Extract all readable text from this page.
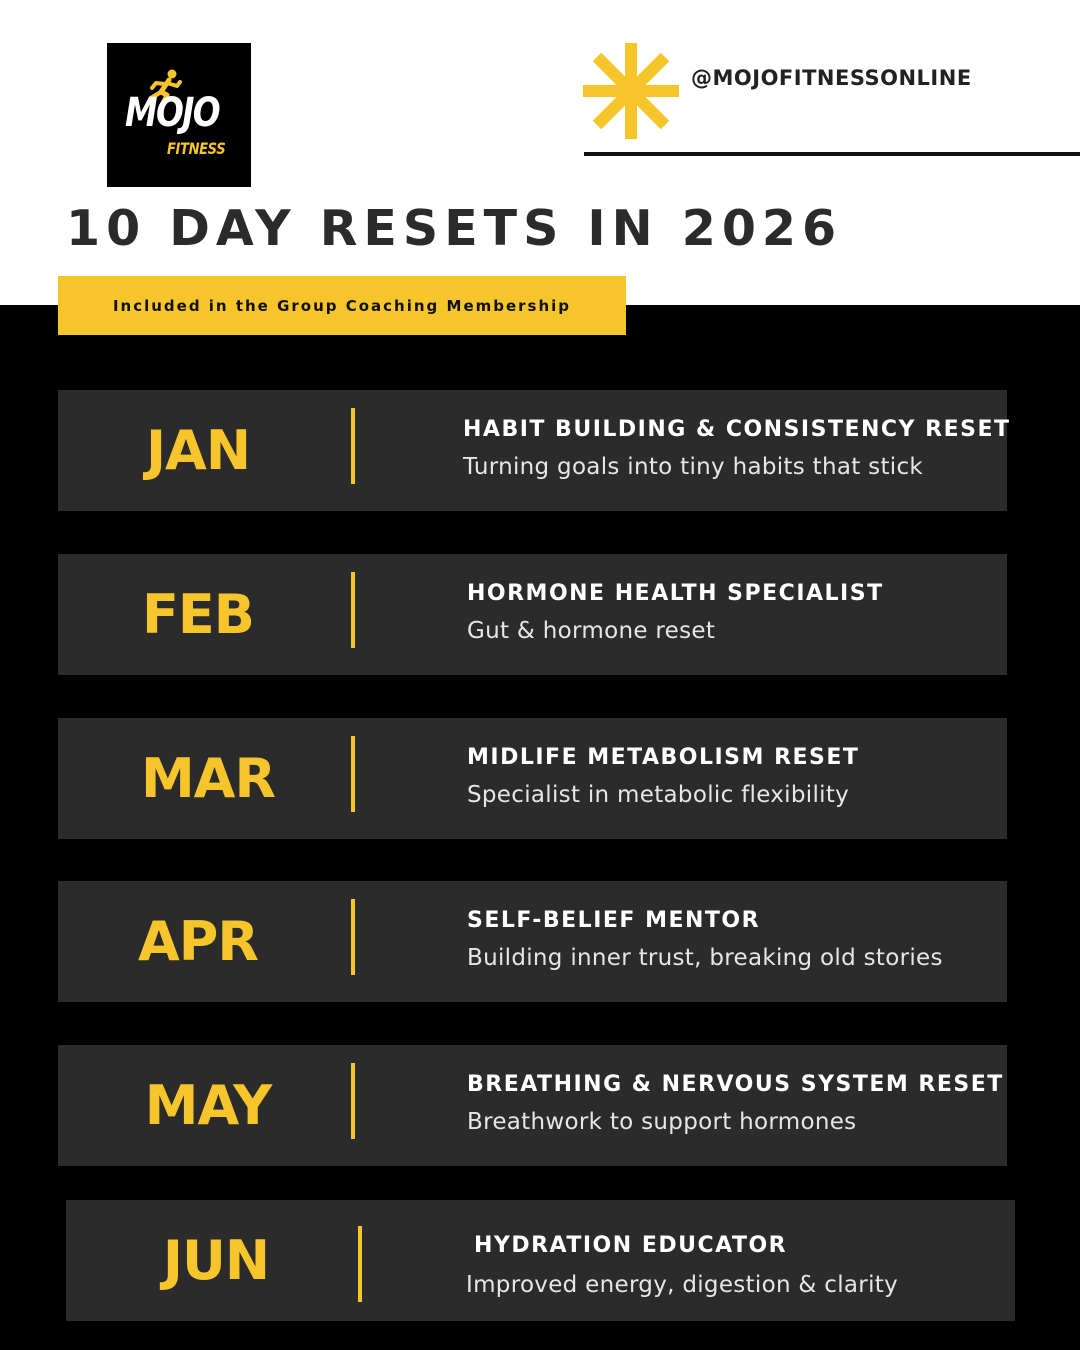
MOJO
FITNESS
@MOJOFITNESSONLINE
10 DAY RESETS IN 2026
Included in the Group Coaching Membership
JAN	HABIT BUILDING & CONSISTENCY RESET
Turning goals into tiny habits that stick
FEB	HORMONE HEALTH SPECIALIST
Gut & hormone reset
MAR	MIDLIFE METABOLISM RESET
Specialist in metabolic flexibility
APR	SELF-BELIEF MENTOR
Building inner trust, breaking old stories
MAY	BREATHING & NERVOUS SYSTEM RESET
Breathwork to support hormones
JUN	HYDRATION EDUCATOR
Improved energy, digestion & clarity
